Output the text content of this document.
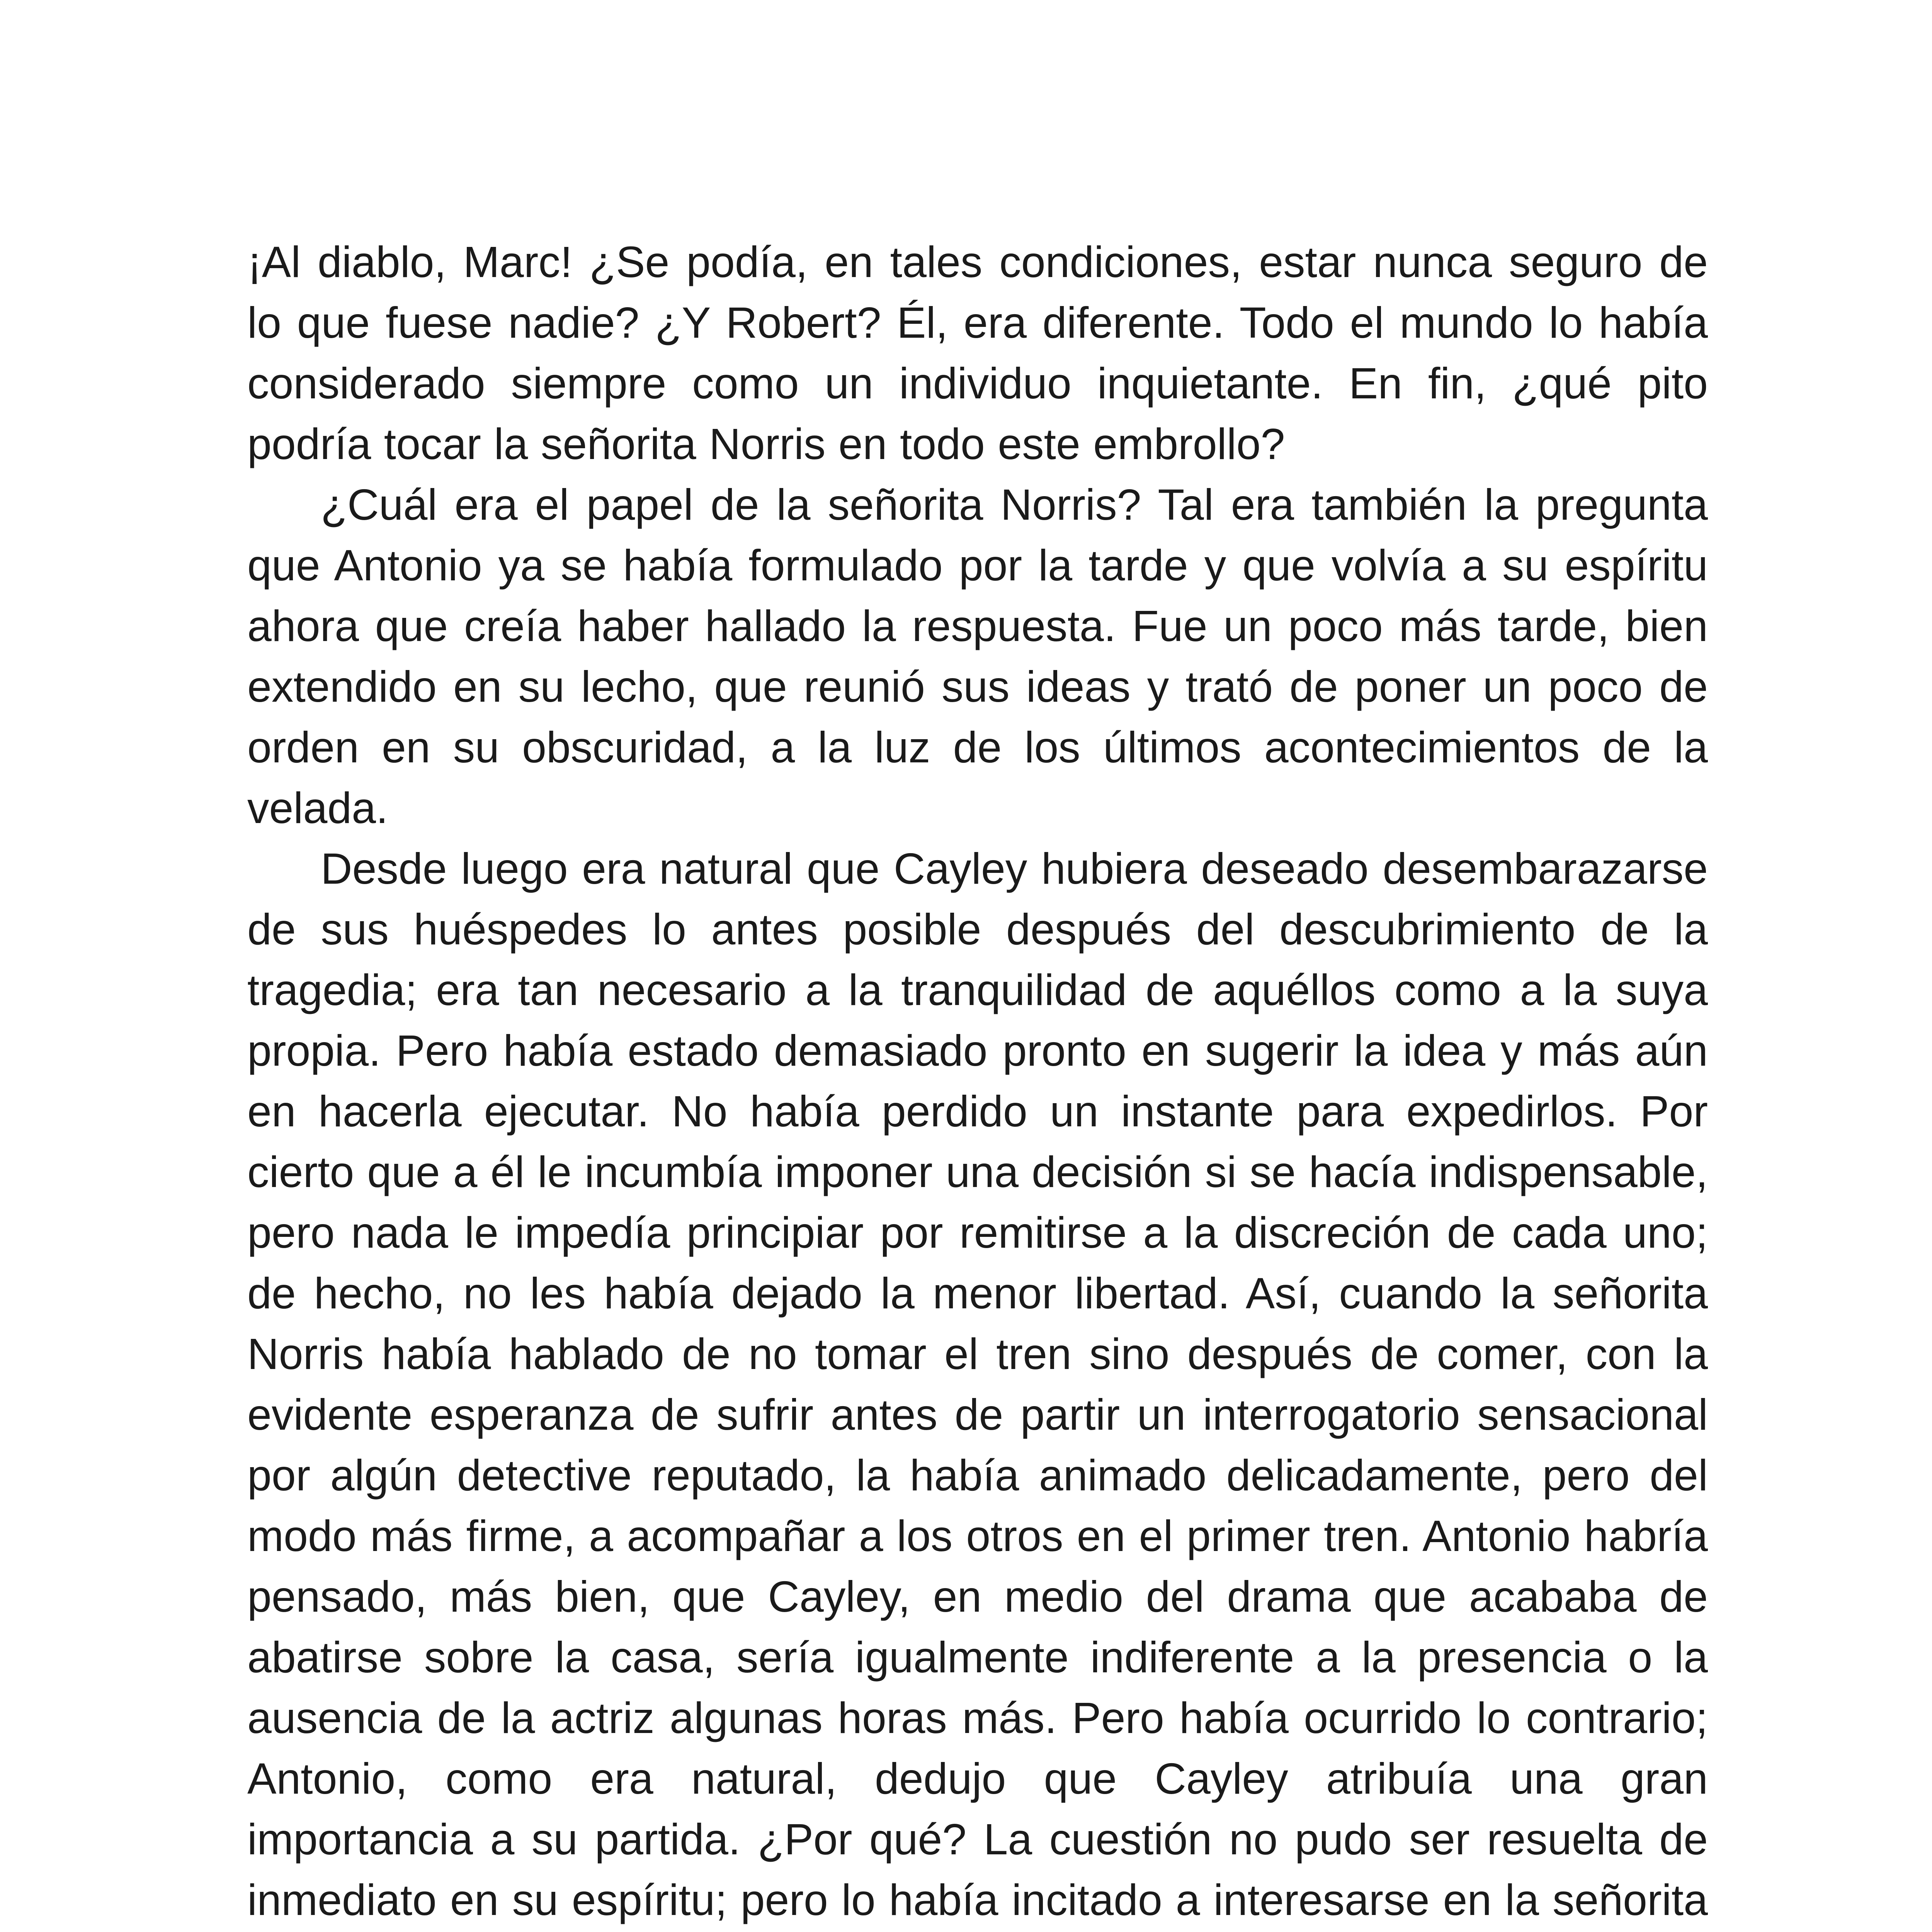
¡Al diablo, Marc! ¿Se podía, en tales condiciones, estar nunca seguro de lo que fuese nadie? ¿Y Robert? Él, era diferente. Todo el mundo lo había considerado siempre como un individuo inquietante. En fin, ¿qué pito podría tocar la señorita Norris en todo este embrollo?

¿Cuál era el papel de la señorita Norris? Tal era también la pregunta que Antonio ya se había formulado por la tarde y que volvía a su espíritu ahora que creía haber hallado la respuesta. Fue un poco más tarde, bien extendido en su lecho, que reunió sus ideas y trató de poner un poco de orden en su obscuridad, a la luz de los últimos acontecimientos de la velada.

Desde luego era natural que Cayley hubiera deseado desembarazarse de sus huéspedes lo antes posible después del descubrimiento de la tragedia; era tan necesario a la tranquilidad de aquéllos como a la suya propia. Pero había estado demasiado pronto en sugerir la idea y más aún en hacerla ejecutar. No había perdido un instante para expedirlos. Por cierto que a él le incumbía imponer una decisión si se hacía indispensable, pero nada le impedía principiar por remitirse a la discreción de cada uno; de hecho, no les había dejado la menor libertad. Así, cuando la señorita Norris había hablado de no tomar el tren sino después de comer, con la evidente esperanza de sufrir antes de partir un interrogatorio sensacional por algún detective reputado, la había animado delicadamente, pero del modo más firme, a acompañar a los otros en el primer tren. Antonio habría pensado, más bien, que Cayley, en medio del drama que acababa de abatirse sobre la casa, sería igualmente indiferente a la presencia o la ausencia de la actriz algunas horas más. Pero había ocurrido lo contrario; Antonio, como era natural, dedujo que Cayley atribuía una gran importancia a su partida. ¿Por qué? La cuestión no pudo ser resuelta de inmediato en su espíritu; pero lo había incitado a interesarse en la señorita
